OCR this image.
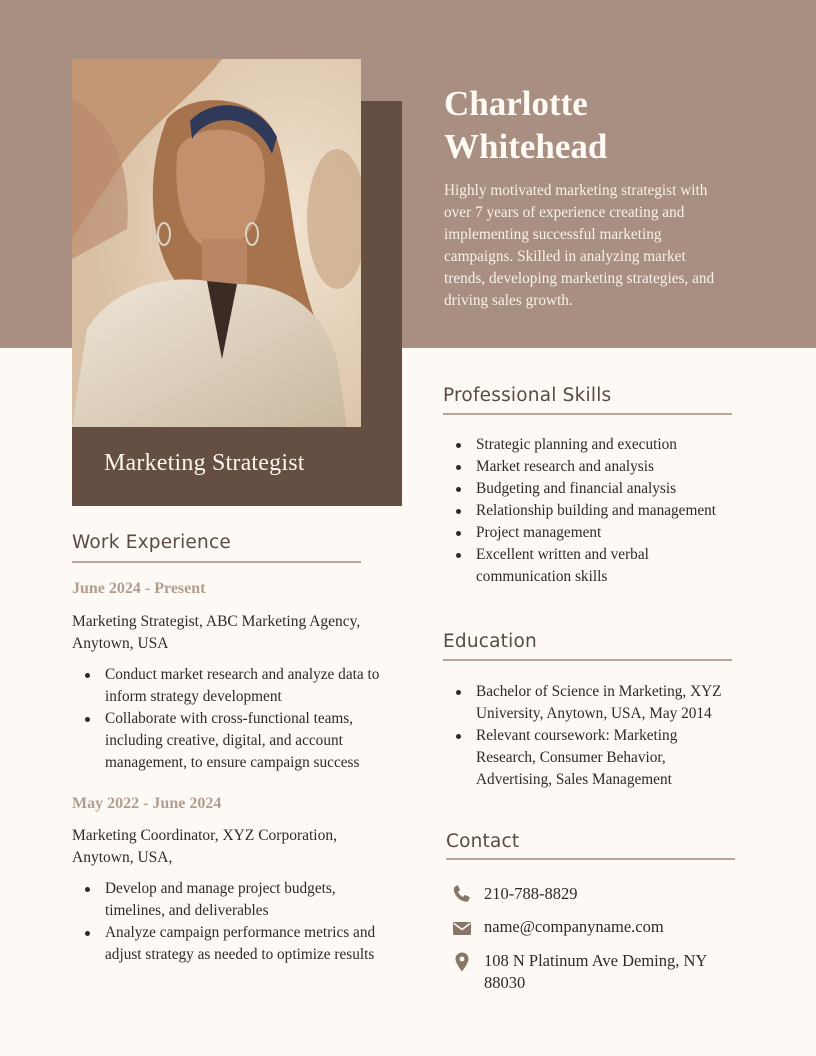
Marketing Strategist
Charlotte
Whitehead
Highly motivated marketing strategist with over 7 years of experience creating and implementing successful marketing campaigns. Skilled in analyzing market trends, developing marketing strategies, and driving sales growth.
Work Experience
June 2024 - Present
Marketing Strategist, ABC Marketing Agency, Anytown, USA
Conduct market research and analyze data to inform strategy development
Collaborate with cross-functional teams, including creative, digital, and account management, to ensure campaign success
May 2022 - June 2024
Marketing Coordinator, XYZ Corporation, Anytown, USA,
Develop and manage project budgets, timelines, and deliverables
Analyze campaign performance metrics and adjust strategy as needed to optimize results
Professional Skills
Strategic planning and execution
Market research and analysis
Budgeting and financial analysis
Relationship building and management
Project management
Excellent written and verbal communication skills
Education
Bachelor of Science in Marketing, XYZ University, Anytown, USA, May 2014
Relevant coursework: Marketing Research, Consumer Behavior, Advertising, Sales Management
Contact
210-788-8829
name@companyname.com
108 N Platinum Ave Deming, NY 88030
